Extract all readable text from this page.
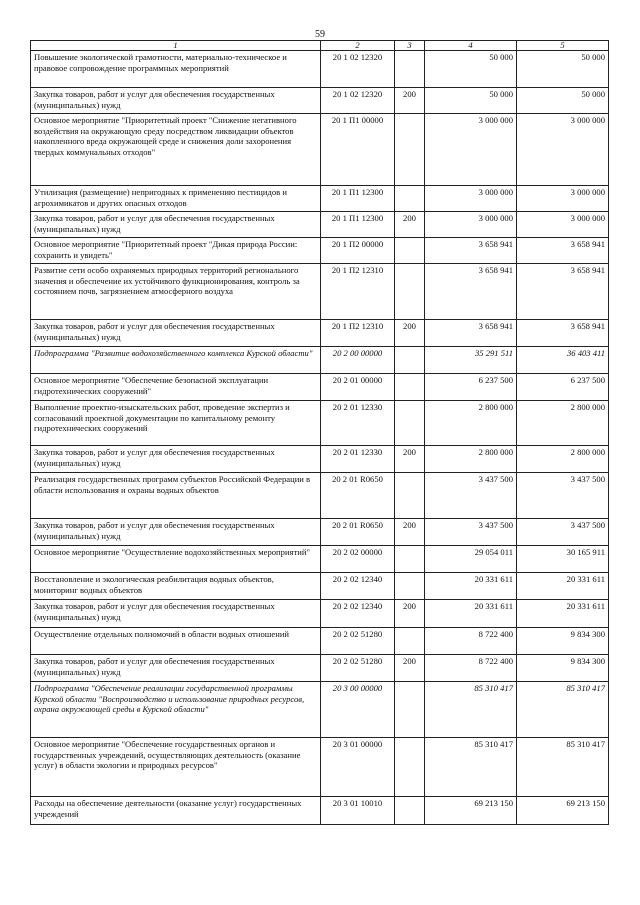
59
1	2	3	4	5
Повышение экологической грамотности, материально-техническое и правовое сопровождение программных мероприятий	20 1 02 12320		50 000	50 000
Закупка товаров, работ и услуг для обеспечения государственных (муниципальных) нужд	20 1 02 12320	200	50 000	50 000
Основное мероприятие "Приоритетный проект "Снижение негативного воздействия на окружающую среду посредством ликвидации объектов накопленного вреда окружающей среде и снижения доли захоронения твердых коммунальных отходов"	20 1 П1 00000		3 000 000	3 000 000
Утилизация (размещение) непригодных к применению пестицидов и агрохимикатов и других опасных отходов	20 1 П1 12300		3 000 000	3 000 000
Закупка товаров, работ и услуг для обеспечения государственных (муниципальных) нужд	20 1 П1 12300	200	3 000 000	3 000 000
Основное мероприятие "Приоритетный проект "Дикая природа России: сохранить и увидеть"	20 1 П2 00000		3 658 941	3 658 941
Развитие сети особо охраняемых природных территорий регионального значения и обеспечение их устойчивого функционирования, контроль за состоянием почв, загрязнением атмосферного воздуха	20 1 П2 12310		3 658 941	3 658 941
Закупка товаров, работ и услуг для обеспечения государственных (муниципальных) нужд	20 1 П2 12310	200	3 658 941	3 658 941
Подпрограмма "Развитие водохозяйственного комплекса Курской области"	20 2 00 00000		35 291 511	36 403 411
Основное мероприятие "Обеспечение безопасной эксплуатации гидротехнических сооружений"	20 2 01 00000		6 237 500	6 237 500
Выполнение проектно-изыскательских работ, проведение экспертиз и согласований проектной документации по капитальному ремонту гидротехнических сооружений	20 2 01 12330		2 800 000	2 800 000
Закупка товаров, работ и услуг для обеспечения государственных (муниципальных) нужд	20 2 01 12330	200	2 800 000	2 800 000
Реализация государственных программ субъектов Российской Федерации в области использования и охраны водных объектов	20 2 01 R0650		3 437 500	3 437 500
Закупка товаров, работ и услуг для обеспечения государственных (муниципальных) нужд	20 2 01 R0650	200	3 437 500	3 437 500
Основное мероприятие "Осуществление водохозяйственных мероприятий"	20 2 02 00000		29 054 011	30 165 911
Восстановление и экологическая реабилитация водных объектов, мониторинг водных объектов	20 2 02 12340		20 331 611	20 331 611
Закупка товаров, работ и услуг для обеспечения государственных (муниципальных) нужд	20 2 02 12340	200	20 331 611	20 331 611
Осуществление отдельных полномочий в области водных отношений	20 2 02 51280		8 722 400	9 834 300
Закупка товаров, работ и услуг для обеспечения государственных (муниципальных) нужд	20 2 02 51280	200	8 722 400	9 834 300
Подпрограмма "Обеспечение реализации государственной программы Курской области "Воспроизводство и использование природных ресурсов, охрана окружающей среды в Курской области"	20 3 00 00000		85 310 417	85 310 417
Основное мероприятие "Обеспечение государственных органов и государственных учреждений, осуществляющих деятельность (оказание услуг) в области экологии и природных ресурсов"	20 3 01 00000		85 310 417	85 310 417
Расходы на обеспечение деятельности (оказание услуг) государственных учреждений	20 3 01 10010		69 213 150	69 213 150
